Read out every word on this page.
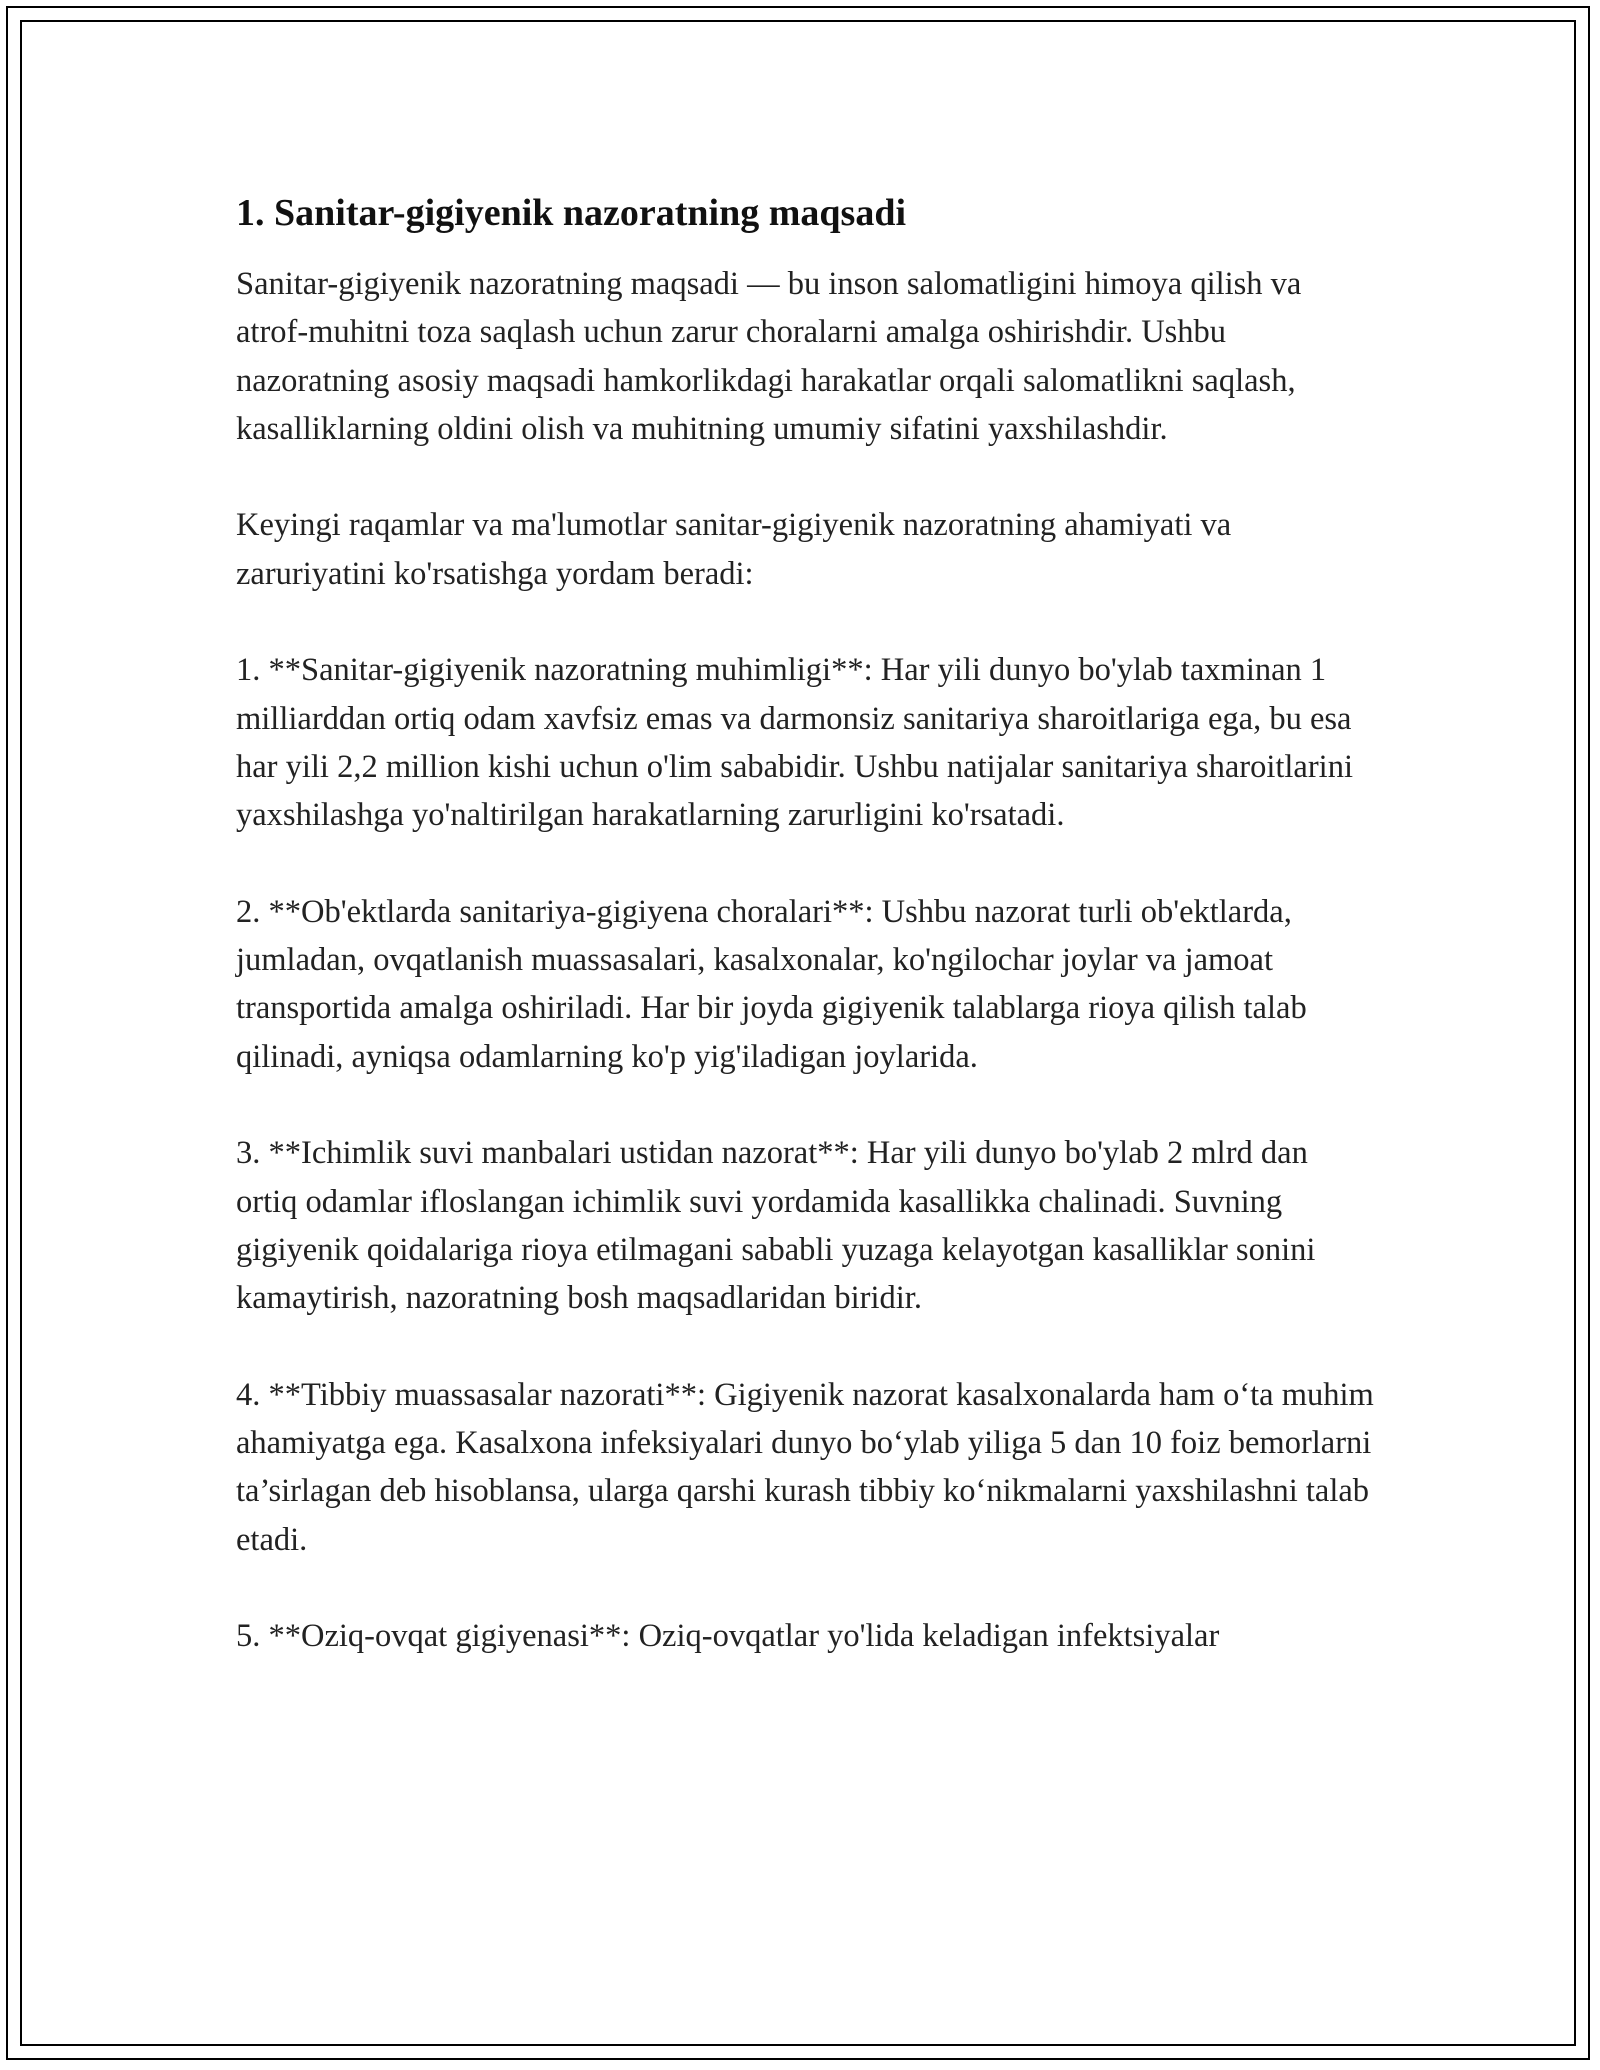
1. Sanitar-gigiyenik nazoratning maqsadi

Sanitar-gigiyenik nazoratning maqsadi — bu inson salomatligini himoya qilish va atrof-muhitni toza saqlash uchun zarur choralarni amalga oshirishdir. Ushbu nazoratning asosiy maqsadi hamkorlikdagi harakatlar orqali salomatlikni saqlash, kasalliklarning oldini olish va muhitning umumiy sifatini yaxshilashdir.

Keyingi raqamlar va ma'lumotlar sanitar-gigiyenik nazoratning ahamiyati va zaruriyatini ko'rsatishga yordam beradi:

1. **Sanitar-gigiyenik nazoratning muhimligi**: Har yili dunyo bo'ylab taxminan 1 milliarddan ortiq odam xavfsiz emas va darmonsiz sanitariya sharoitlariga ega, bu esa har yili 2,2 million kishi uchun o'lim sababidir. Ushbu natijalar sanitariya sharoitlarini yaxshilashga yo'naltirilgan harakatlarning zarurligini ko'rsatadi.

2. **Ob'ektlarda sanitariya-gigiyena choralari**: Ushbu nazorat turli ob'ektlarda, jumladan, ovqatlanish muassasalari, kasalxonalar, ko'ngilochar joylar va jamoat transportida amalga oshiriladi. Har bir joyda gigiyenik talablarga rioya qilish talab qilinadi, ayniqsa odamlarning ko'p yig'iladigan joylarida.

3. **Ichimlik suvi manbalari ustidan nazorat**: Har yili dunyo bo'ylab 2 mlrd dan ortiq odamlar ifloslangan ichimlik suvi yordamida kasallikka chalinadi. Suvning gigiyenik qoidalariga rioya etilmagani sababli yuzaga kelayotgan kasalliklar sonini kamaytirish, nazoratning bosh maqsadlaridan biridir.

4. **Tibbiy muassasalar nazorati**: Gigiyenik nazorat kasalxonalarda ham o‘ta muhim ahamiyatga ega. Kasalxona infeksiyalari dunyo bo‘ylab yiliga 5 dan 10 foiz bemorlarni ta’sirlagan deb hisoblansa, ularga qarshi kurash tibbiy ko‘nikmalarni yaxshilashni talab etadi.

5. **Oziq-ovqat gigiyenasi**: Oziq-ovqatlar yo'lida keladigan infektsiyalar
